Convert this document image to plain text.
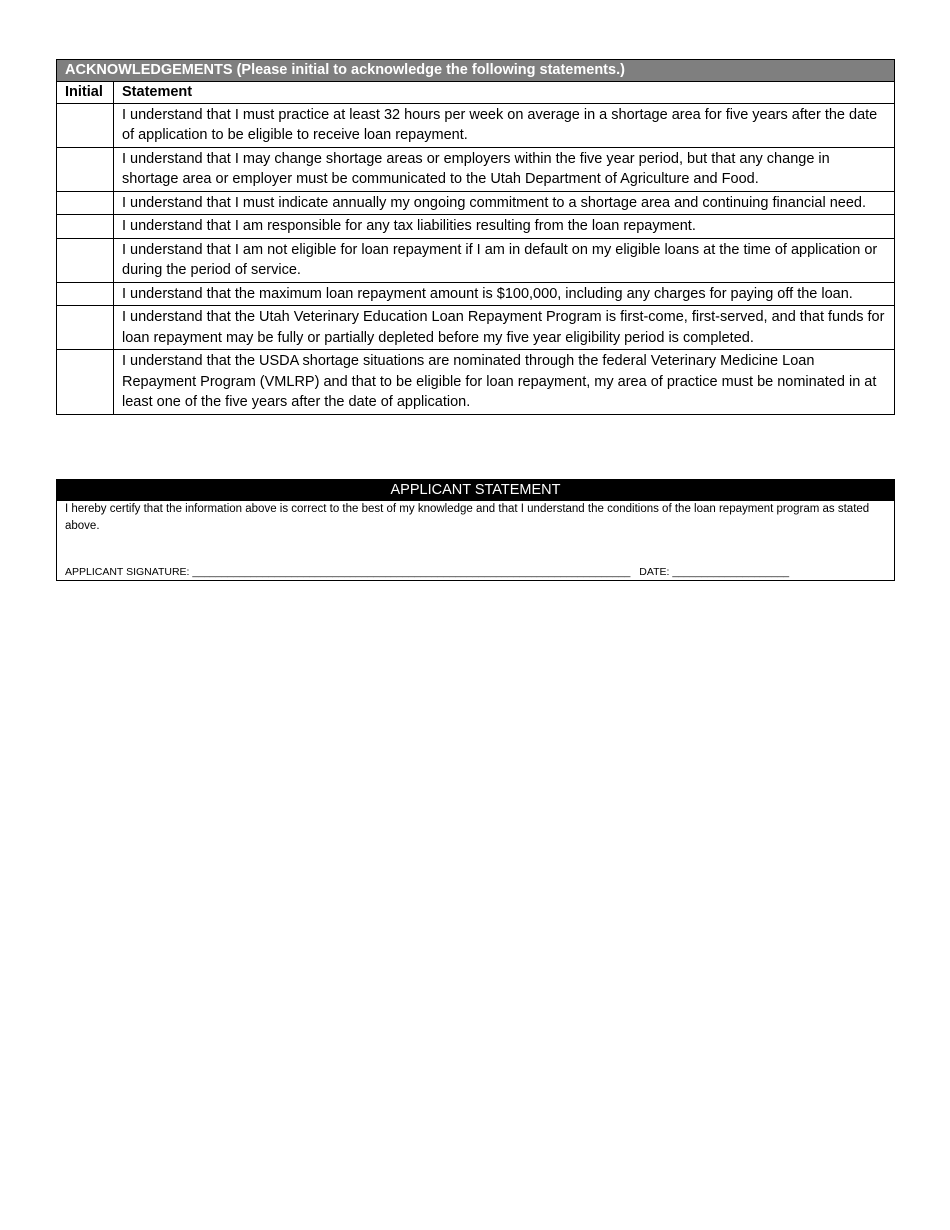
ACKNOWLEDGEMENTS (Please initial to acknowledge the following statements.)	
Initial	Statement
	I understand that I must practice at least 32 hours per week on average in a shortage area for five years after the date of application to be eligible to receive loan repayment.
	I understand that I may change shortage areas or employers within the five year period, but that any change in shortage area or employer must be communicated to the Utah Department of Agriculture and Food.
	I understand that I must indicate annually my ongoing commitment to a shortage area and continuing financial need.
	I understand that I am responsible for any tax liabilities resulting from the loan repayment.
	I understand that I am not eligible for loan repayment if I am in default on my eligible loans at the time of application or during the period of service.
	I understand that the maximum loan repayment amount is $100,000, including any charges for paying off the loan.
	I understand that the Utah Veterinary Education Loan Repayment Program is first-come, first-served, and that funds for loan repayment may be fully or partially depleted before my five year eligibility period is completed.
	I understand that the USDA shortage situations are nominated through the federal Veterinary Medicine Loan Repayment Program (VMLRP) and that to be eligible for loan repayment, my area of practice must be nominated in at least one of the five years after the date of application.
APPLICANT STATEMENT

I hereby certify that the information above is correct to the best of my knowledge and that I understand the conditions of the loan repayment program as stated above.

APPLICANT SIGNATURE: ___________________________________________________________________________ DATE: ____________________
